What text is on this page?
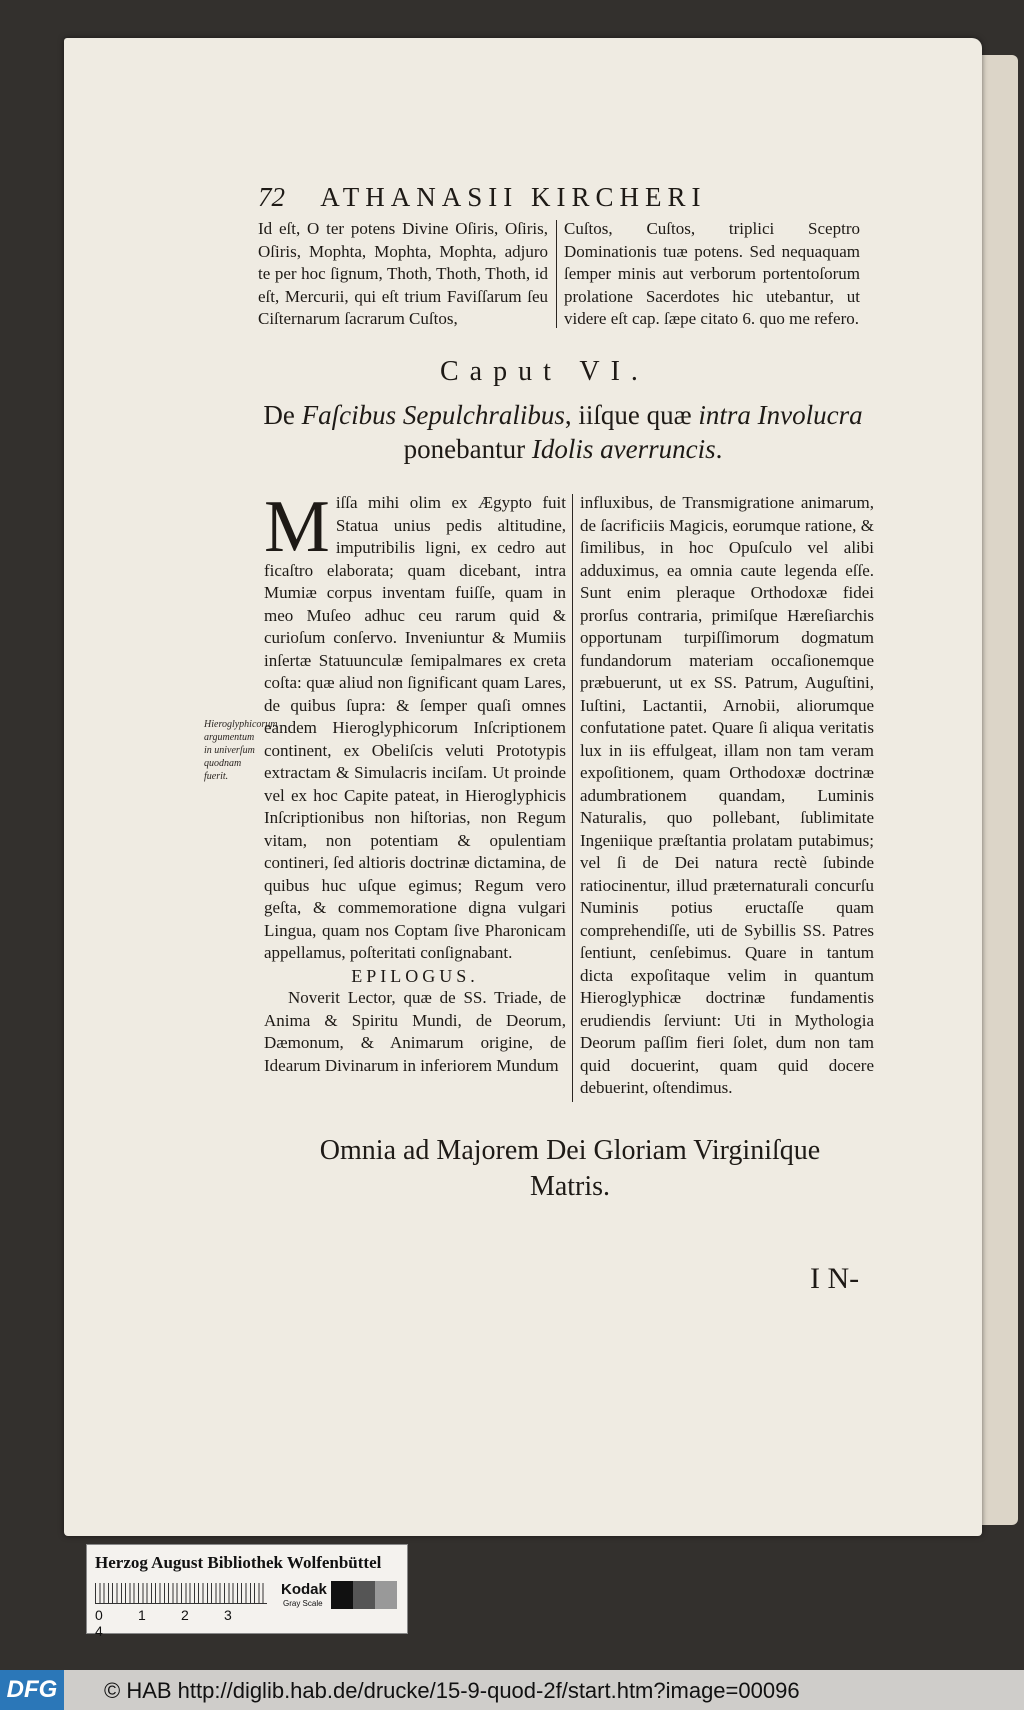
72 ATHANASII KIRCHERI
Id eſt, O ter potens Divine Oſiris, Oſiris, Oſiris, Mophta, Mophta, Mophta, adjuro te per hoc ſignum, Thoth, Thoth, Thoth, id eſt, Mercurii, qui eſt trium Faviſſarum ſeu Ciſternarum ſacrarum Cuſtos,
Cuſtos, Cuſtos, triplici Sceptro Dominationis tuæ potens. Sed nequaquam ſemper minis aut verborum portentoſorum prolatione Sacerdotes hic utebantur, ut videre eſt cap. ſæpe citato 6. quo me refero.
Caput VI.
De Faſcibus Sepulchralibus, iiſque quæ intra Involucra ponebantur Idolis averruncis.
Hieroglyphicorum argumentum in univerſum quodnam fuerit.
M iſſa mihi olim ex Ægypto fuit Statua unius pedis altitudine, imputribilis ligni, ex cedro aut ficaſtro elaborata; quam dicebant, intra Mumiæ corpus inventam fuiſſe, quam in meo Muſeo adhuc ceu rarum quid & curioſum conſervo. Inveniuntur & Mumiis inſertæ Statuunculæ ſemipalmares ex creta coſta: quæ aliud non ſignificant quam Lares, de quibus ſupra: & ſemper quaſi omnes eandem Hieroglyphicorum Inſcriptionem continent, ex Obeliſcis veluti Prototypis extractam & Simulacris inciſam. Ut proinde vel ex hoc Capite pateat, in Hieroglyphicis Inſcriptionibus non hiſtorias, non Regum vitam, non potentiam & opulentiam contineri, ſed altioris doctrinæ dictamina, de quibus huc uſque egimus; Regum vero geſta, & commemoratione digna vulgari Lingua, quam nos Coptam ſive Pharonicam appellamus, poſteritati conſignabant.
EPILOGUS.
Noverit Lector, quæ de SS. Triade, de Anima & Spiritu Mundi, de Deorum, Dæmonum, & Animarum origine, de Idearum Divinarum in inferiorem Mundum
influxibus, de Transmigratione animarum, de ſacrificiis Magicis, eorumque ratione, & ſimilibus, in hoc Opuſculo vel alibi adduximus, ea omnia caute legenda eſſe. Sunt enim pleraque Orthodoxæ fidei prorſus contraria, primiſque Hæreſiarchis opportunam turpiſſimorum dogmatum fundandorum materiam occaſionemque præbuerunt, ut ex SS. Patrum, Auguſtini, Iuſtini, Lactantii, Arnobii, aliorumque confutatione patet. Quare ſi aliqua veritatis lux in iis effulgeat, illam non tam veram expoſitionem, quam Orthodoxæ doctrinæ adumbrationem quandam, Luminis Naturalis, quo pollebant, ſublimitate Ingeniique præſtantia prolatam putabimus; vel ſi de Dei natura rectè ſubinde ratiocinentur, illud præternaturali concurſu Numinis potius eructaſſe quam comprehendiſſe, uti de Sybillis SS. Patres ſentiunt, cenſebimus. Quare in tantum dicta expoſitaque velim in quantum Hieroglyphicæ doctrinæ fundamentis erudiendis ſerviunt: Uti in Mythologia Deorum paſſim fieri ſolet, dum non tam quid docuerint, quam quid docere debuerint, oſtendimus.
Omnia ad Majorem Dei Gloriam Virginiſque Matris.
I N-
Herzog August Bibliothek Wolfenbüttel
0	1	2	34
Kodak
Gray Scale
DFG	© HAB http://diglib.hab.de/drucke/15-9-quod-2f/start.htm?image=00096
